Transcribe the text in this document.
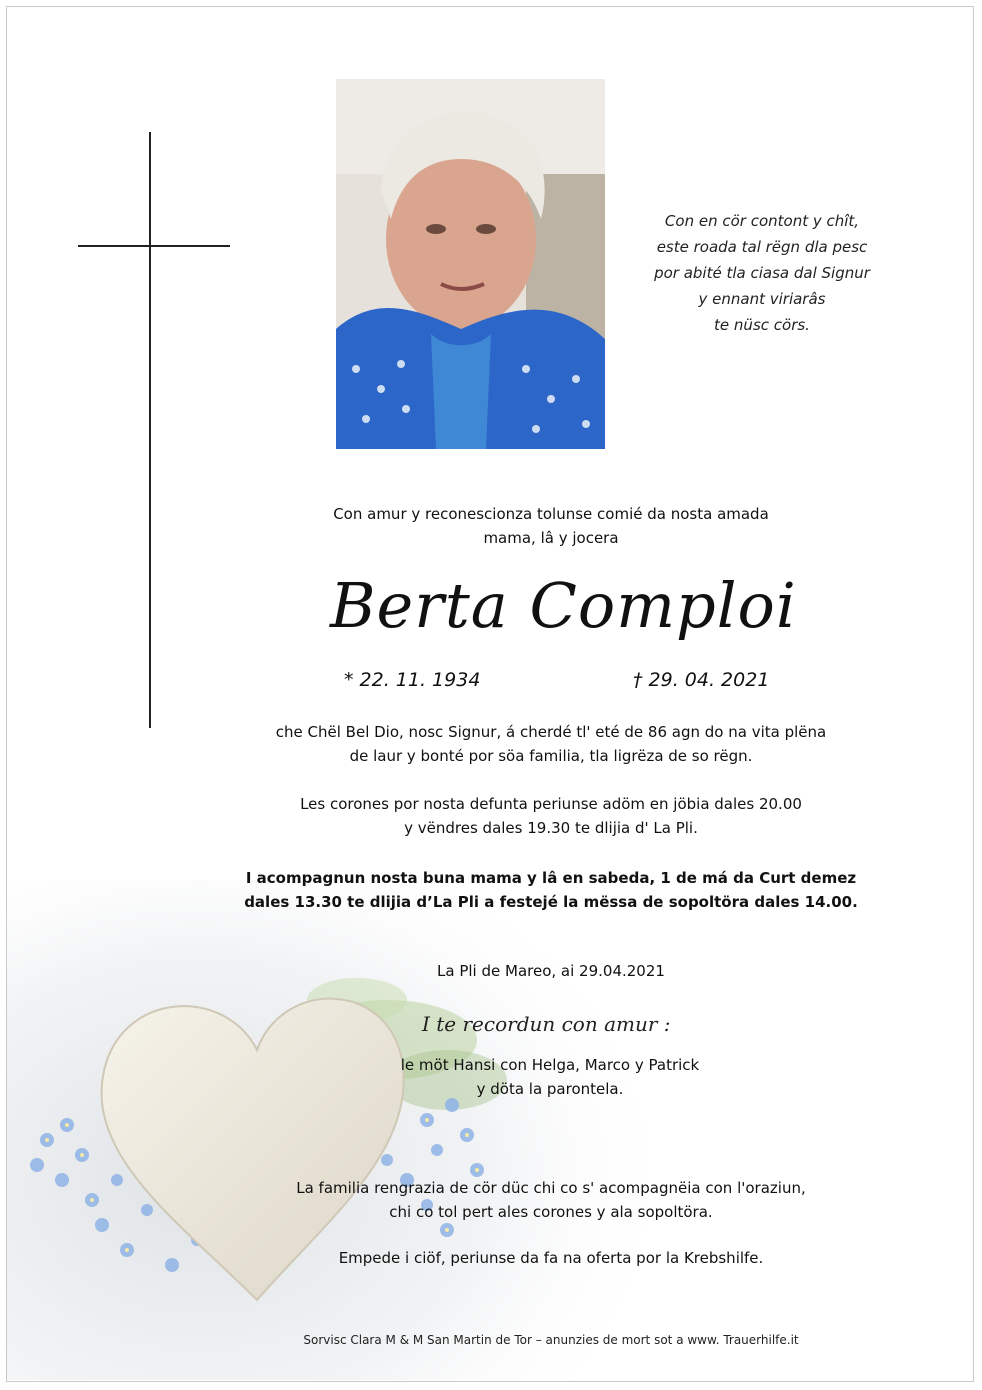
Con en cör contont y chît,
este roada tal rëgn dla pesc
por abité tla ciasa dal Signur
y ennant viriarâs
te nüsc cörs.
Con amur y reconescionza tolunse comié da nosta amada
mama, lâ y jocera
Berta Comploi
* 22. 11. 1934	† 29. 04. 2021
che Chël Bel Dio, nosc Signur, á cherdé tl' eté de 86 agn do na vita plëna
de laur y bonté por söa familia, tla ligrëza de so rëgn.
Les corones por nosta defunta periunse adöm en jöbia dales 20.00
y vëndres dales 19.30 te dlijia d' La Pli.
I acompagnun nosta buna mama y lâ en sabeda, 1 de má da Curt demez
dales 13.30 te dlijia d’La Pli a festejé la mëssa de sopoltöra dales 14.00.
La Pli de Mareo, ai 29.04.2021
I te recordun con amur :
le möt Hansi con Helga, Marco y Patrick
y döta la parontela.
La familia rengrazia de cör düc chi co s' acompagnëia con l'oraziun,
chi co tol pert ales corones y ala sopoltöra.
Empede i ciöf, periunse da fa na oferta por la Krebshilfe.
Sorvisc Clara M & M San Martin de Tor – anunzies de mort sot a www. Trauerhilfe.it
